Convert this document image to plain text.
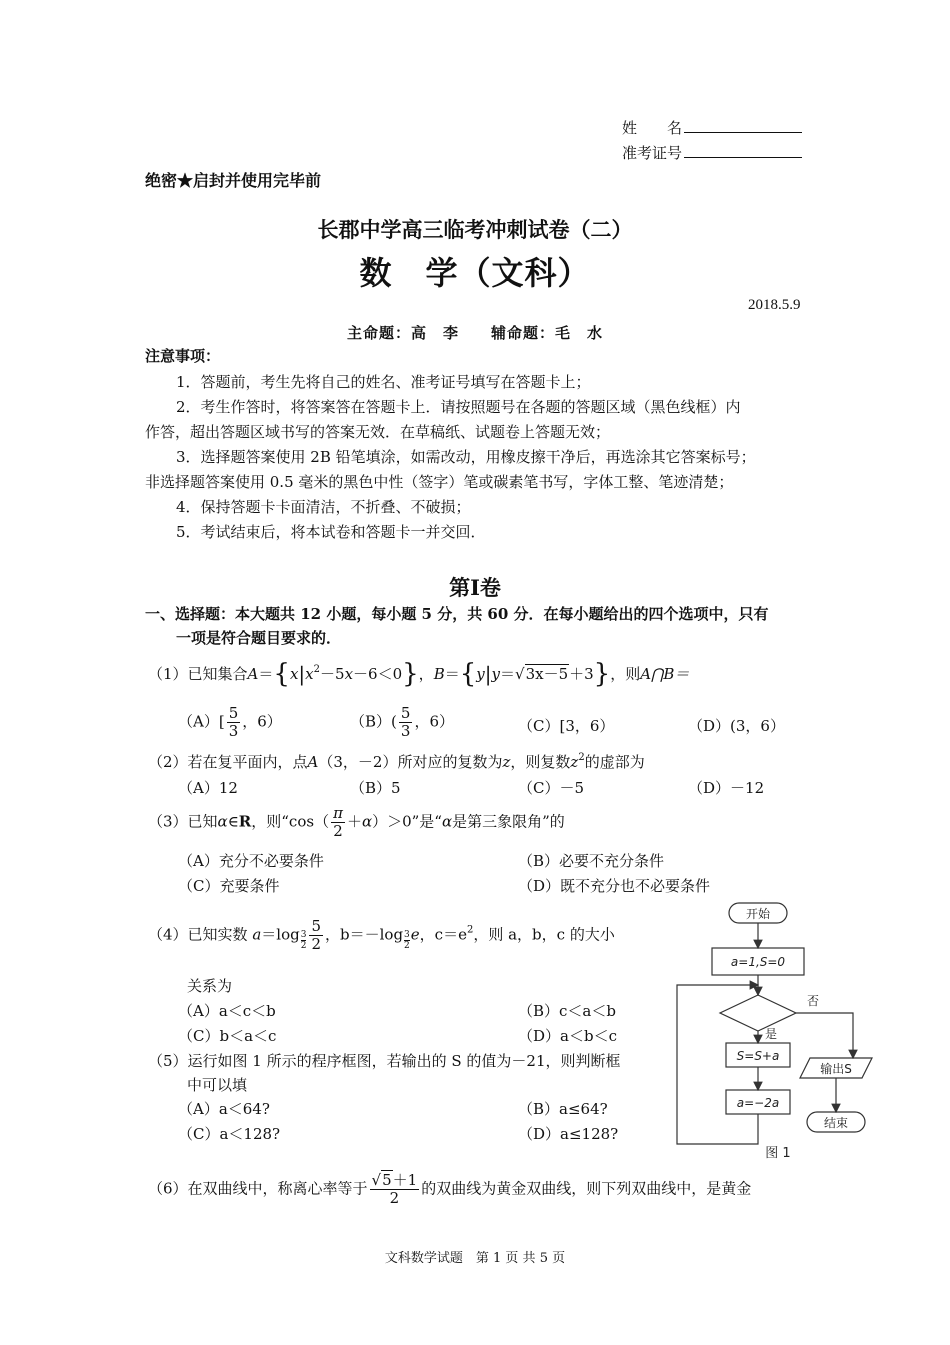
姓　　名
准考证号
绝密★启封并使用完毕前
长郡中学高三临考冲刺试卷（二）
数　学（文科）
2018.5.9
主命题：高　李　　辅命题：毛　水
注意事项：
1．答题前，考生先将自己的姓名、准考证号填写在答题卡上；
2．考生作答时，将答案答在答题卡上．请按照题号在各题的答题区域（黑色线框）内
作答，超出答题区域书写的答案无效．在草稿纸、试题卷上答题无效；
3．选择题答案使用 2B 铅笔填涂，如需改动，用橡皮擦干净后，再选涂其它答案标号；
非选择题答案使用 0.5 毫米的黑色中性（签字）笔或碳素笔书写，字体工整、笔迹清楚；
4．保持答题卡卡面清洁，不折叠、不破损；
5．考试结束后，将本试卷和答题卡一并交回．
第Ⅰ卷
一、选择题：本大题共 12 小题，每小题 5 分，共 60 分．在每小题给出的四个选项中，只有
一项是符合题目要求的．
（1）已知集合$A=\{x|x^2-5x-6<0\}$，B＝{y|y＝√3x－5＋3}，则A⋂B＝
$(A)[ \frac{5}{3}$ ，6）	$(B)( \frac{5}{3}$ ，6）	（C）[3，6）	（D）(3，6）
（2）若在复平面内，点A（3，－2）所对应的复数为z，则复数$z^2$的虚部为
（A）12	（B）5	（C）－5	（D）－12
（3）已知α∈R，则“$\cos( \frac{\pi}{2} +\alpha)>0$”是“α是第三象限角”的
（A）充分不必要条件	（B）必要不充分条件
（C）充要条件	（D）既不充分也不必要条件
（4）已知实数 $a=\log \frac{3}{2} \frac{5}{2}$ ，$b=-\log \frac{3}{2}e$，$c=e^2$，则 a，b，c 的大小
关系为
（A）a＜c＜b	（B）c＜a＜b
（C）b＜a＜c	（D）a＜b＜c
（5）运行如图 1 所示的程序框图，若输出的 S 的值为－21，则判断框
中可以填
（A）a＜64?	（B）a≤64?
（C）a＜128?	（D）a≤128?
（6）在双曲线中，称离心率等于 $\frac{√5+1}{2}$ 的双曲线为黄金双曲线，则下列双曲线中，是黄金
开始
a=1,S=0
否
是
S=S+a
a=−2a
输出S
结束
图 1
文科数学试题　第 1 页 共 5 页
